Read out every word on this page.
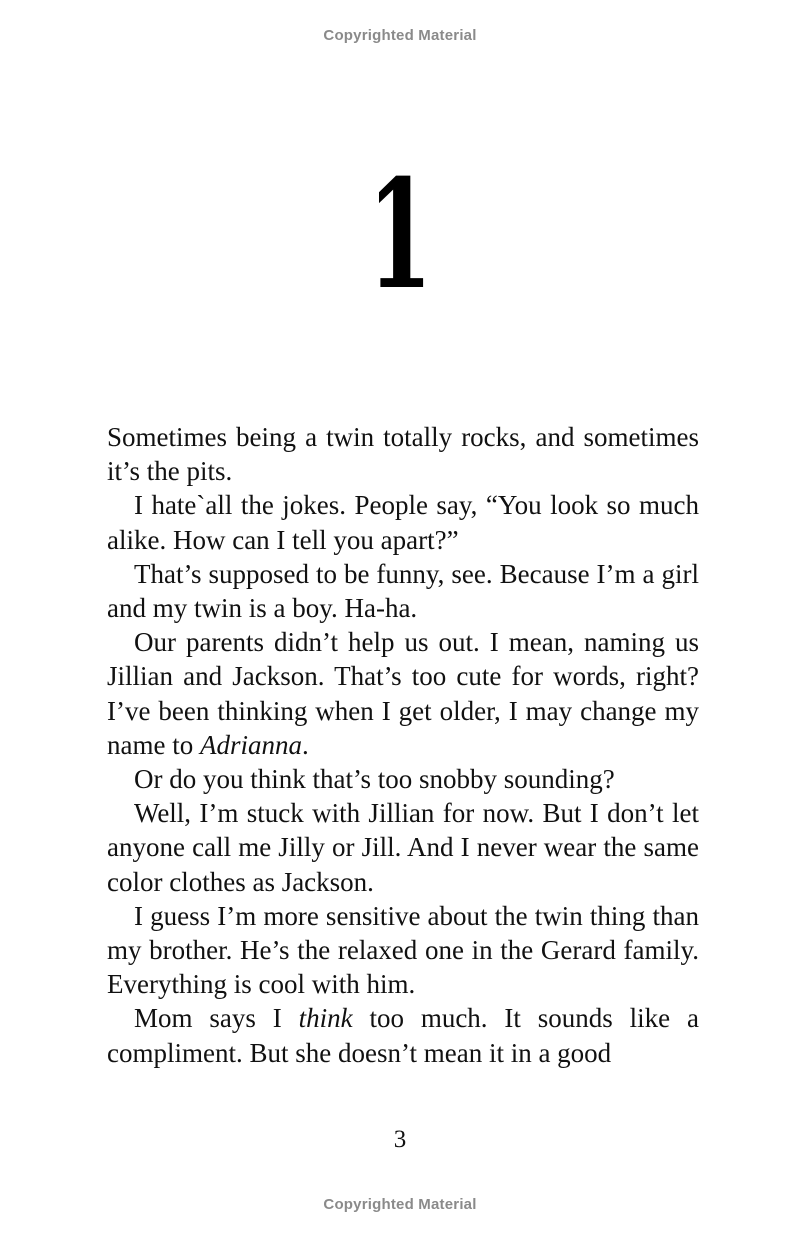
Copyrighted Material
1

Sometimes being a twin totally rocks, and sometimes it’s the pits.

I hate`all the jokes. People say, “You look so much alike. How can I tell you apart?”

That’s supposed to be funny, see. Because I’m a girl and my twin is a boy. Ha-ha.

Our parents didn’t help us out. I mean, naming us Jillian and Jackson. That’s too cute for words, right? I’ve been thinking when I get older, I may change my name to Adrianna.

Or do you think that’s too snobby sounding?

Well, I’m stuck with Jillian for now. But I don’t let anyone call me Jilly or Jill. And I never wear the same color clothes as Jackson.

I guess I’m more sensitive about the twin thing than my brother. He’s the relaxed one in the Gerard family. Everything is cool with him.

Mom says I think too much. It sounds like a compliment. But she doesn’t mean it in a good

3
Copyrighted Material
